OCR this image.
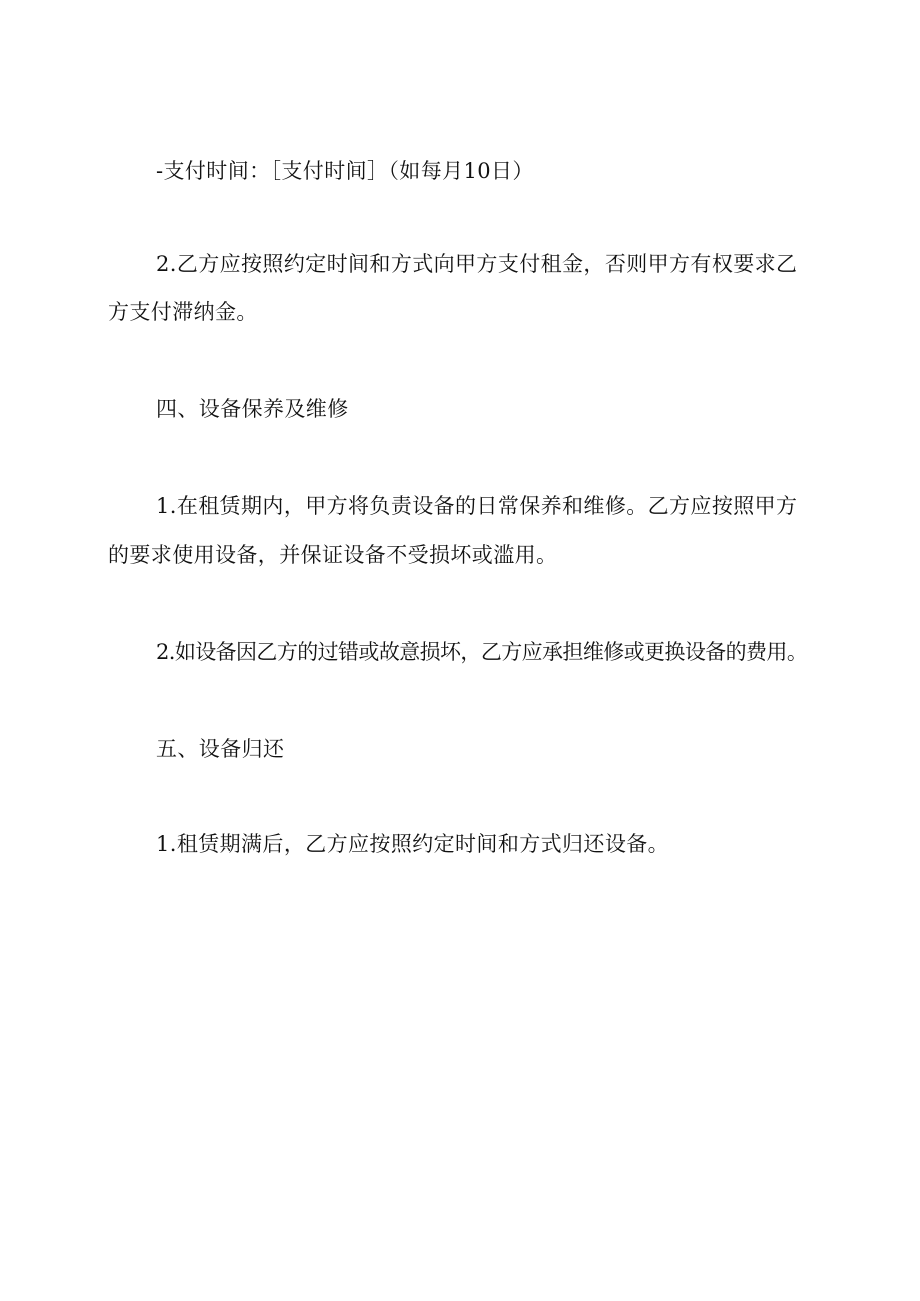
-支付时间：［支付时间］（如每月10日）

2.乙方应按照约定时间和方式向甲方支付租金，否则甲方有权要求乙

方支付滞纳金。

四、设备保养及维修

1.在租赁期内，甲方将负责设备的日常保养和维修。乙方应按照甲方

的要求使用设备，并保证设备不受损坏或滥用。

2.如设备因乙方的过错或故意损坏，乙方应承担维修或更换设备的费用。

五、设备归还

1.租赁期满后，乙方应按照约定时间和方式归还设备。
